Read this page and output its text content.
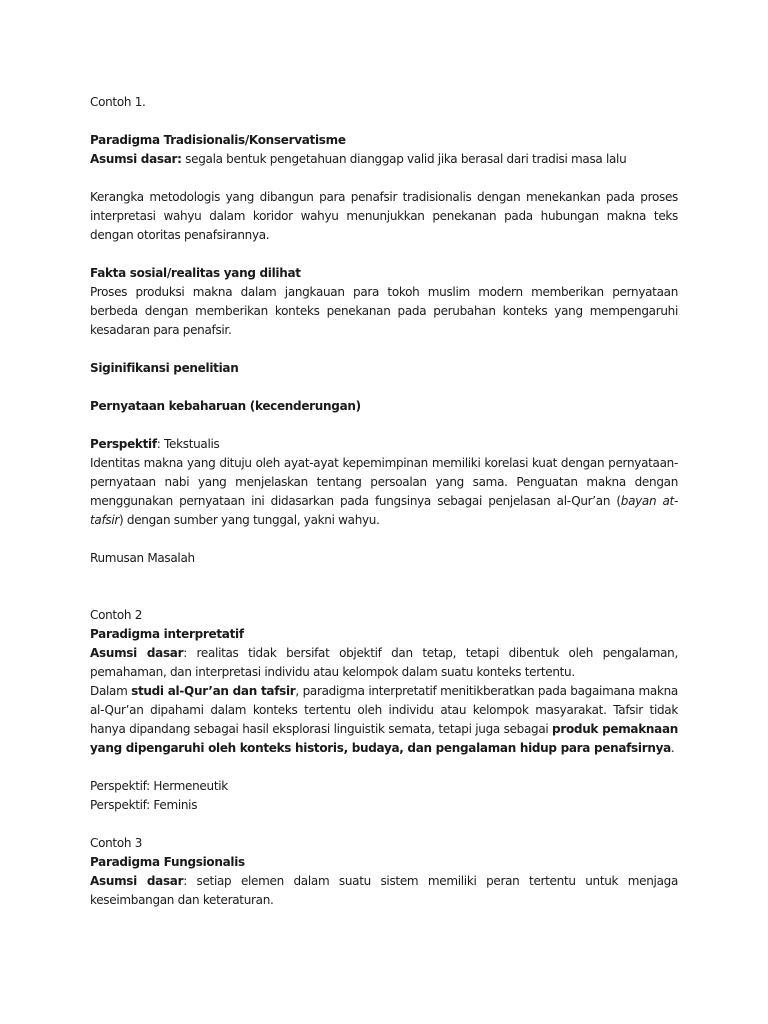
Contoh 1.

Paradigma Tradisionalis/Konservatisme

Asumsi dasar: segala bentuk pengetahuan dianggap valid jika berasal dari tradisi masa lalu

Kerangka metodologis yang dibangun para penafsir tradisionalis dengan menekankan pada proses interpretasi wahyu dalam koridor wahyu menunjukkan penekanan pada hubungan makna teks dengan otoritas penafsirannya.

Fakta sosial/realitas yang dilihat

Proses produksi makna dalam jangkauan para tokoh muslim modern memberikan pernyataan berbeda dengan memberikan konteks penekanan pada perubahan konteks yang mempengaruhi kesadaran para penafsir.

Siginifikansi penelitian

Pernyataan kebaharuan (kecenderungan)

Perspektif: Tekstualis

Identitas makna yang dituju oleh ayat-ayat kepemimpinan memiliki korelasi kuat dengan pernyataan-pernyataan nabi yang menjelaskan tentang persoalan yang sama. Penguatan makna dengan menggunakan pernyataan ini didasarkan pada fungsinya sebagai penjelasan al-Qur’an (bayan at-tafsir) dengan sumber yang tunggal, yakni wahyu.

Rumusan Masalah

Contoh 2

Paradigma interpretatif

Asumsi dasar: realitas tidak bersifat objektif dan tetap, tetapi dibentuk oleh pengalaman, pemahaman, dan interpretasi individu atau kelompok dalam suatu konteks tertentu.

Dalam studi al-Qur’an dan tafsir, paradigma interpretatif menitikberatkan pada bagaimana makna al-Qur’an dipahami dalam konteks tertentu oleh individu atau kelompok masyarakat. Tafsir tidak hanya dipandang sebagai hasil eksplorasi linguistik semata, tetapi juga sebagai produk pemaknaan yang dipengaruhi oleh konteks historis, budaya, dan pengalaman hidup para penafsirnya.

Perspektif: Hermeneutik

Perspektif: Feminis

Contoh 3

Paradigma Fungsionalis

Asumsi dasar: setiap elemen dalam suatu sistem memiliki peran tertentu untuk menjaga keseimbangan dan keteraturan.
